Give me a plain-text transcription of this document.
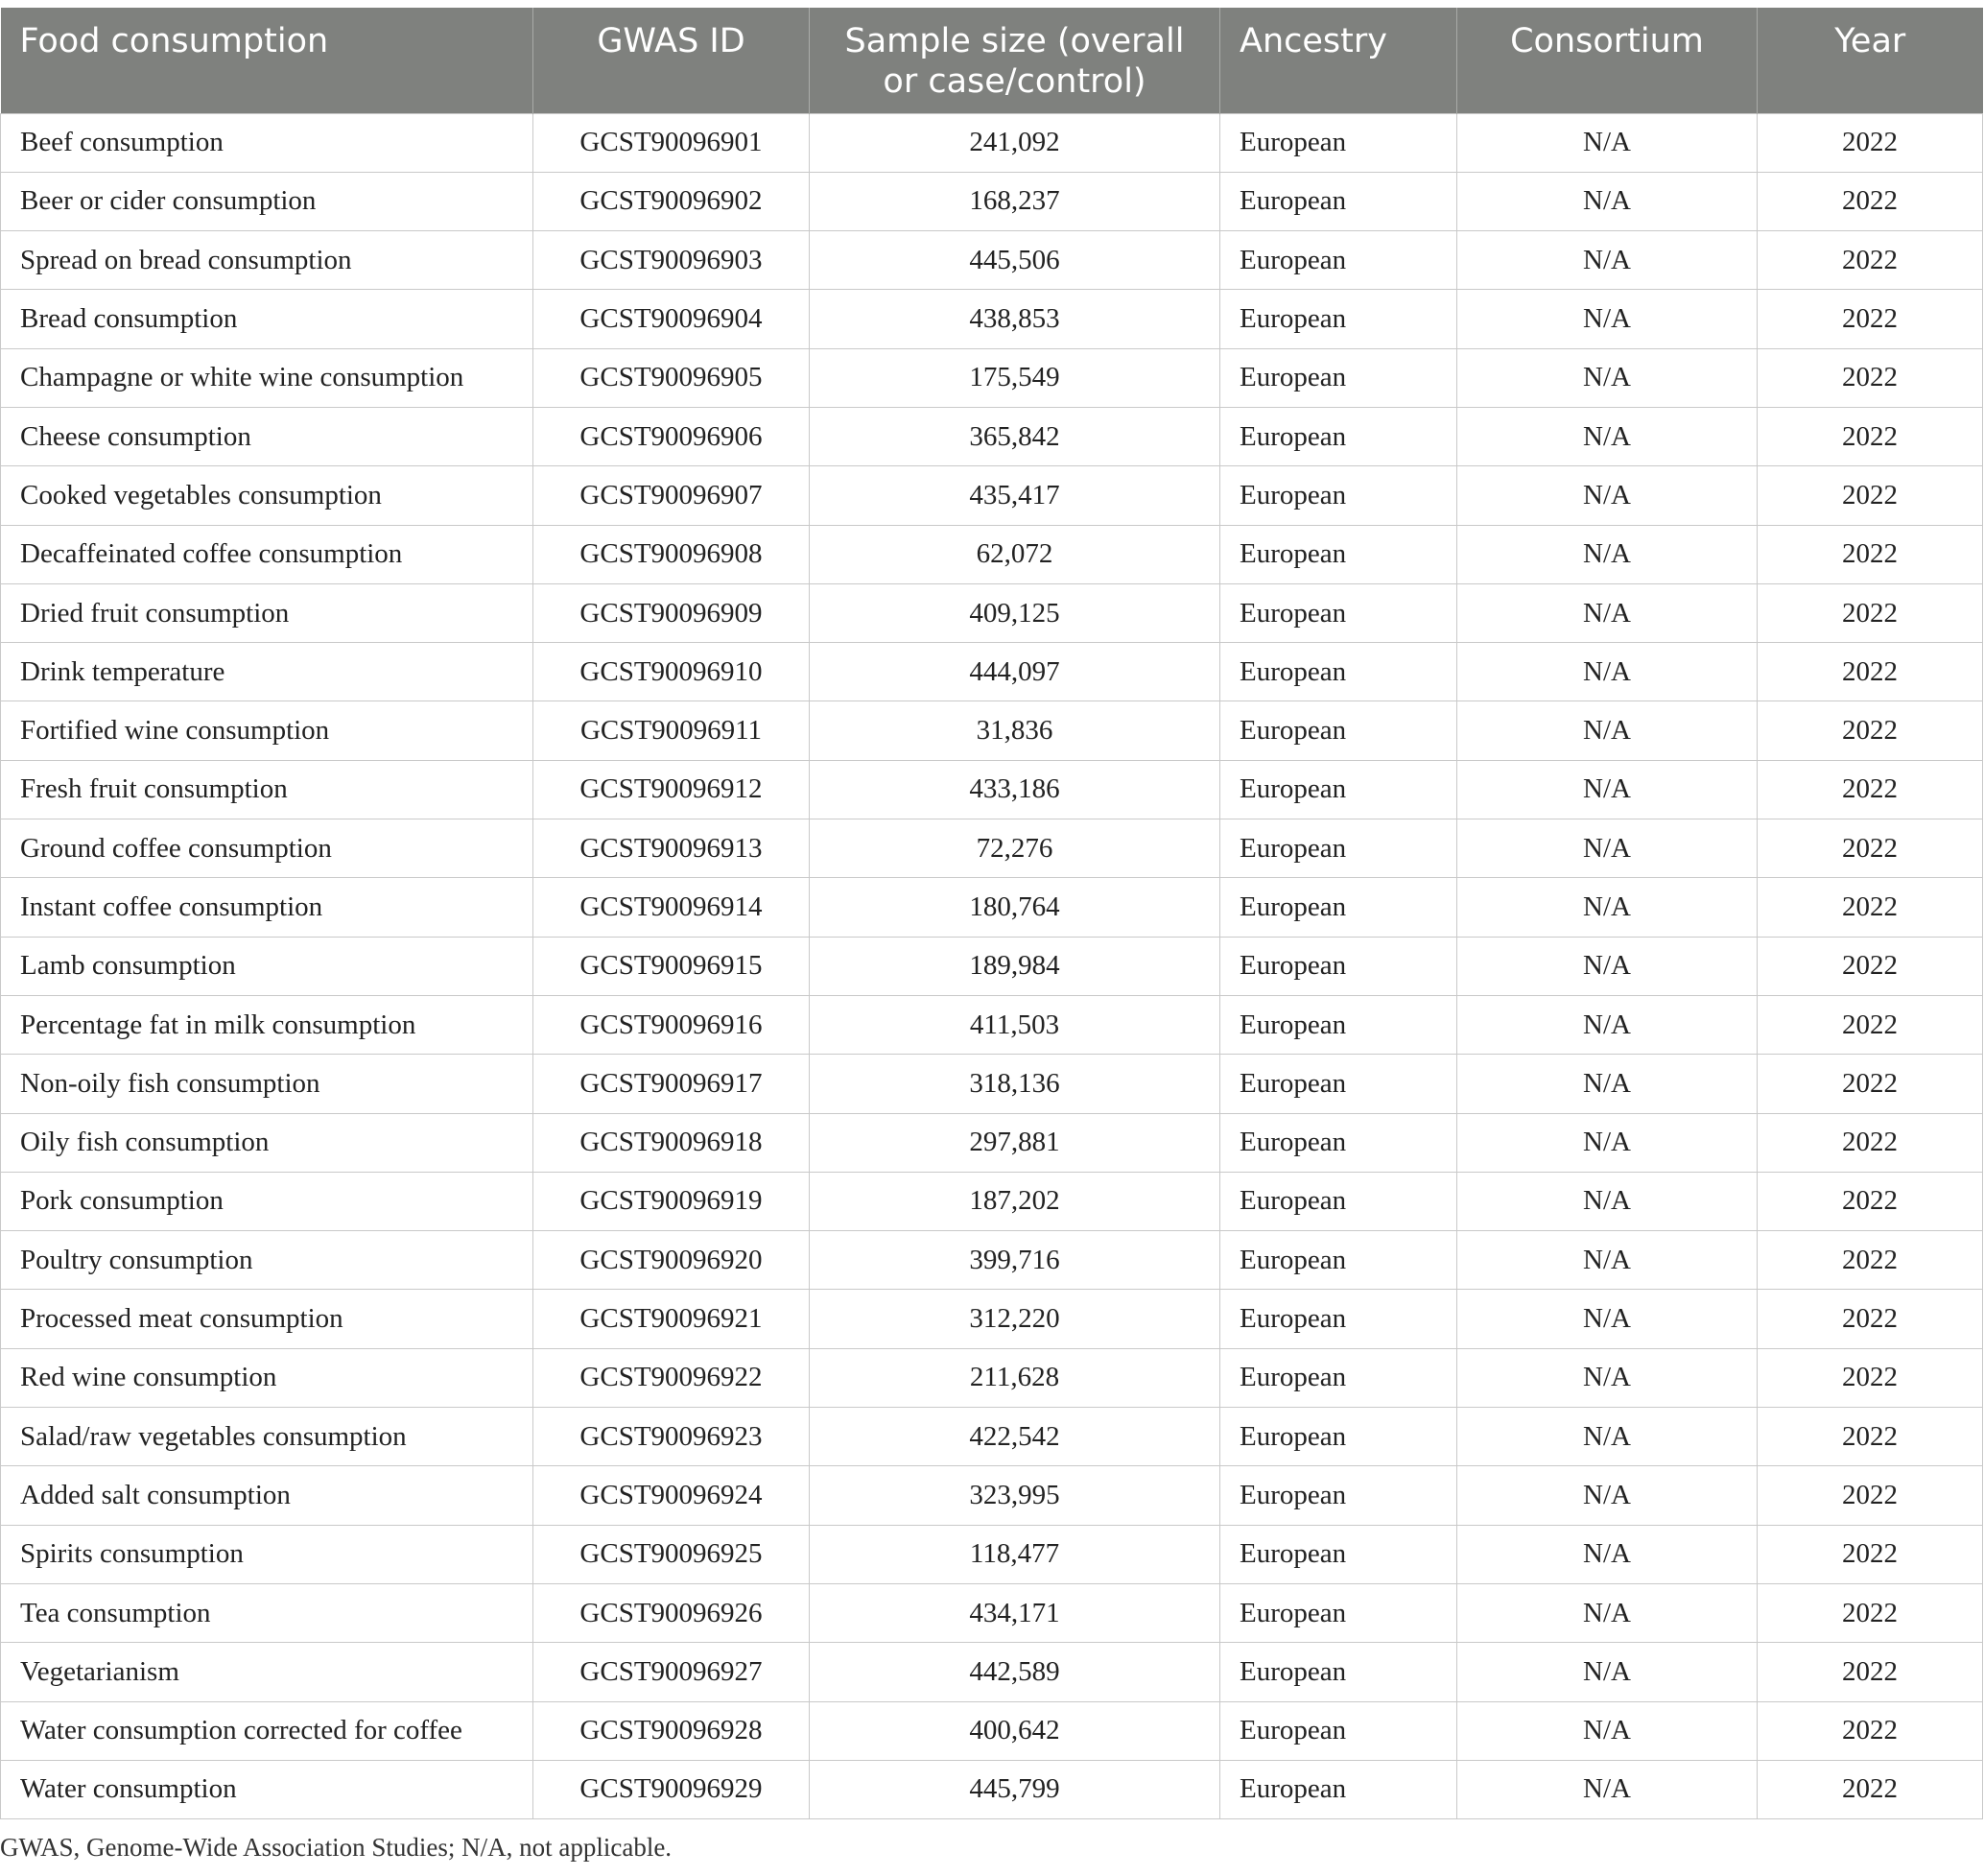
Food consumption	GWAS ID	Sample size (overall or case/control)	Ancestry	Consortium	Year
Beef consumption	GCST90096901	241,092	European	N/A	2022
Beer or cider consumption	GCST90096902	168,237	European	N/A	2022
Spread on bread consumption	GCST90096903	445,506	European	N/A	2022
Bread consumption	GCST90096904	438,853	European	N/A	2022
Champagne or white wine consumption	GCST90096905	175,549	European	N/A	2022
Cheese consumption	GCST90096906	365,842	European	N/A	2022
Cooked vegetables consumption	GCST90096907	435,417	European	N/A	2022
Decaffeinated coffee consumption	GCST90096908	62,072	European	N/A	2022
Dried fruit consumption	GCST90096909	409,125	European	N/A	2022
Drink temperature	GCST90096910	444,097	European	N/A	2022
Fortified wine consumption	GCST90096911	31,836	European	N/A	2022
Fresh fruit consumption	GCST90096912	433,186	European	N/A	2022
Ground coffee consumption	GCST90096913	72,276	European	N/A	2022
Instant coffee consumption	GCST90096914	180,764	European	N/A	2022
Lamb consumption	GCST90096915	189,984	European	N/A	2022
Percentage fat in milk consumption	GCST90096916	411,503	European	N/A	2022
Non-oily fish consumption	GCST90096917	318,136	European	N/A	2022
Oily fish consumption	GCST90096918	297,881	European	N/A	2022
Pork consumption	GCST90096919	187,202	European	N/A	2022
Poultry consumption	GCST90096920	399,716	European	N/A	2022
Processed meat consumption	GCST90096921	312,220	European	N/A	2022
Red wine consumption	GCST90096922	211,628	European	N/A	2022
Salad/raw vegetables consumption	GCST90096923	422,542	European	N/A	2022
Added salt consumption	GCST90096924	323,995	European	N/A	2022
Spirits consumption	GCST90096925	118,477	European	N/A	2022
Tea consumption	GCST90096926	434,171	European	N/A	2022
Vegetarianism	GCST90096927	442,589	European	N/A	2022
Water consumption corrected for coffee	GCST90096928	400,642	European	N/A	2022
Water consumption	GCST90096929	445,799	European	N/A	2022
GWAS, Genome-Wide Association Studies; N/A, not applicable.
